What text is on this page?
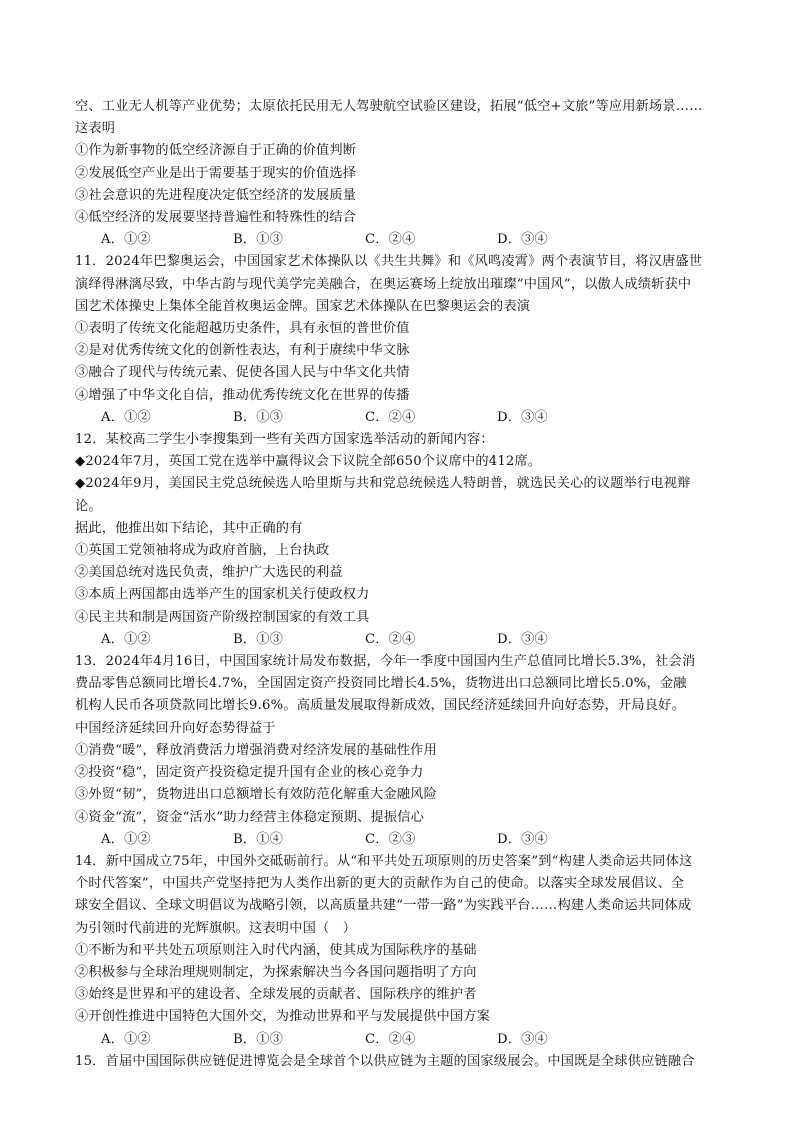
空、工业无人机等产业优势；太原依托民用无人驾驶航空试验区建设，拓展“低空+文旅”等应用新场景……
这表明
①作为新事物的低空经济源自于正确的价值判断
②发展低空产业是出于需要基于现实的价值选择
③社会意识的先进程度决定低空经济的发展质量
④低空经济的发展要坚持普遍性和特殊性的结合
A．①②	B．①③	C．②④	D．③④
11．2024年巴黎奥运会，中国国家艺术体操队以《共生共舞》和《风鸣凌霄》两个表演节目，将汉唐盛世
演绎得淋漓尽致，中华古韵与现代美学完美融合，在奥运赛场上绽放出璀璨“中国风”，以傲人成绩斩获中
国艺术体操史上集体全能首枚奥运金牌。国家艺术体操队在巴黎奥运会的表演
①表明了传统文化能超越历史条件，具有永恒的普世价值
②是对优秀传统文化的创新性表达，有利于赓续中华文脉
③融合了现代与传统元素、促使各国人民与中华文化共情
④增强了中华文化自信，推动优秀传统文化在世界的传播
A．①②	B．①③	C．②④	D．③④
12．某校高二学生小李搜集到一些有关西方国家选举活动的新闻内容：
◆2024年7月，英国工党在选举中赢得议会下议院全部650个议席中的412席。
◆2024年9月，美国民主党总统候选人哈里斯与共和党总统候选人特朗普，就选民关心的议题举行电视辩
论。
据此，他推出如下结论，其中正确的有
①英国工党领袖将成为政府首脑，上台执政
②美国总统对选民负责，维护广大选民的利益
③本质上两国都由选举产生的国家机关行使政权力
④民主共和制是两国资产阶级控制国家的有效工具
A．①②	B．①③	C．②④	D．③④
13．2024年4月16日，中国国家统计局发布数据，今年一季度中国国内生产总值同比增长5.3%，社会消
费品零售总额同比增长4.7%，全国固定资产投资同比增长4.5%，货物进出口总额同比增长5.0%，金融
机构人民币各项贷款同比增长9.6%。高质量发展取得新成效，国民经济延续回升向好态势，开局良好。
中国经济延续回升向好态势得益于
①消费“暖”，释放消费活力增强消费对经济发展的基础性作用
②投资“稳”，固定资产投资稳定提升国有企业的核心竞争力
③外贸“韧”，货物进出口总额增长有效防范化解重大金融风险
④资金“流”，资金“活水”助力经营主体稳定预期、提振信心
A．①②	B．①④	C．②③	D．③④
14．新中国成立75年，中国外交砥砺前行。从“和平共处五项原则的历史答案”到“构建人类命运共同体这
个时代答案”，中国共产党坚持把为人类作出新的更大的贡献作为自己的使命。以落实全球发展倡议、全
球安全倡议、全球文明倡议为战略引领，以高质量共建“一带一路”为实践平台……构建人类命运共同体成
为引领时代前进的光辉旗帜。这表明中国（　）
①不断为和平共处五项原则注入时代内涵，使其成为国际秩序的基础
②积极参与全球治理规则制定，为探索解决当今各国问题指明了方向
③始终是世界和平的建设者、全球发展的贡献者、国际秩序的维护者
④开创性推进中国特色大国外交，为推动世界和平与发展提供中国方案
A．①②	B．①③	C．②④	D．③④
15．首届中国国际供应链促进博览会是全球首个以供应链为主题的国家级展会。中国既是全球供应链融合
